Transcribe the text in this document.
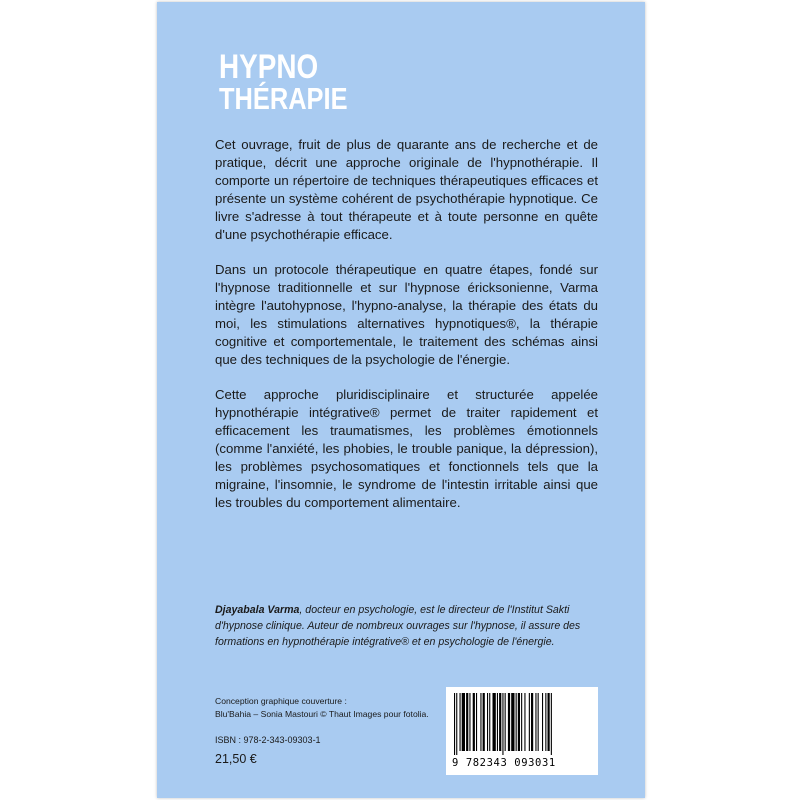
HYPNO
THÉRAPIE

Cet ouvrage, fruit de plus de quarante ans de recherche et de pratique, décrit une approche originale de l'hypnothérapie. Il comporte un répertoire de techniques thérapeutiques efficaces et présente un système cohérent de psychothérapie hypnotique. Ce livre s'adresse à tout thérapeute et à toute personne en quête d'une psychothérapie efficace.

Dans un protocole thérapeutique en quatre étapes, fondé sur l'hypnose traditionnelle et sur l'hypnose éricksonienne, Varma intègre l'autohypnose, l'hypno-analyse, la thérapie des états du moi, les stimulations alternatives hypnotiques®, la thérapie cognitive et comportementale, le traitement des schémas ainsi que des techniques de la psychologie de l'énergie.

Cette approche pluridisciplinaire et structurée appelée hypnothérapie intégrative® permet de traiter rapidement et efficacement les traumatismes, les problèmes émotionnels (comme l'anxiété, les phobies, le trouble panique, la dépression), les problèmes psychosomatiques et fonctionnels tels que la migraine, l'insomnie, le syndrome de l'intestin irritable ainsi que les troubles du comportement alimentaire.

Djayabala Varma, docteur en psychologie, est le directeur de l'Institut Sakti d'hypnose clinique. Auteur de nombreux ouvrages sur l'hypnose, il assure des formations en hypnothérapie intégrative® et en psychologie de l'énergie.
Conception graphique couverture :
Blu'Bahia – Sonia Mastouri © Thaut Images pour fotolia.
ISBN : 978-2-343-09303-1
21,50 €	9 782343 093031
